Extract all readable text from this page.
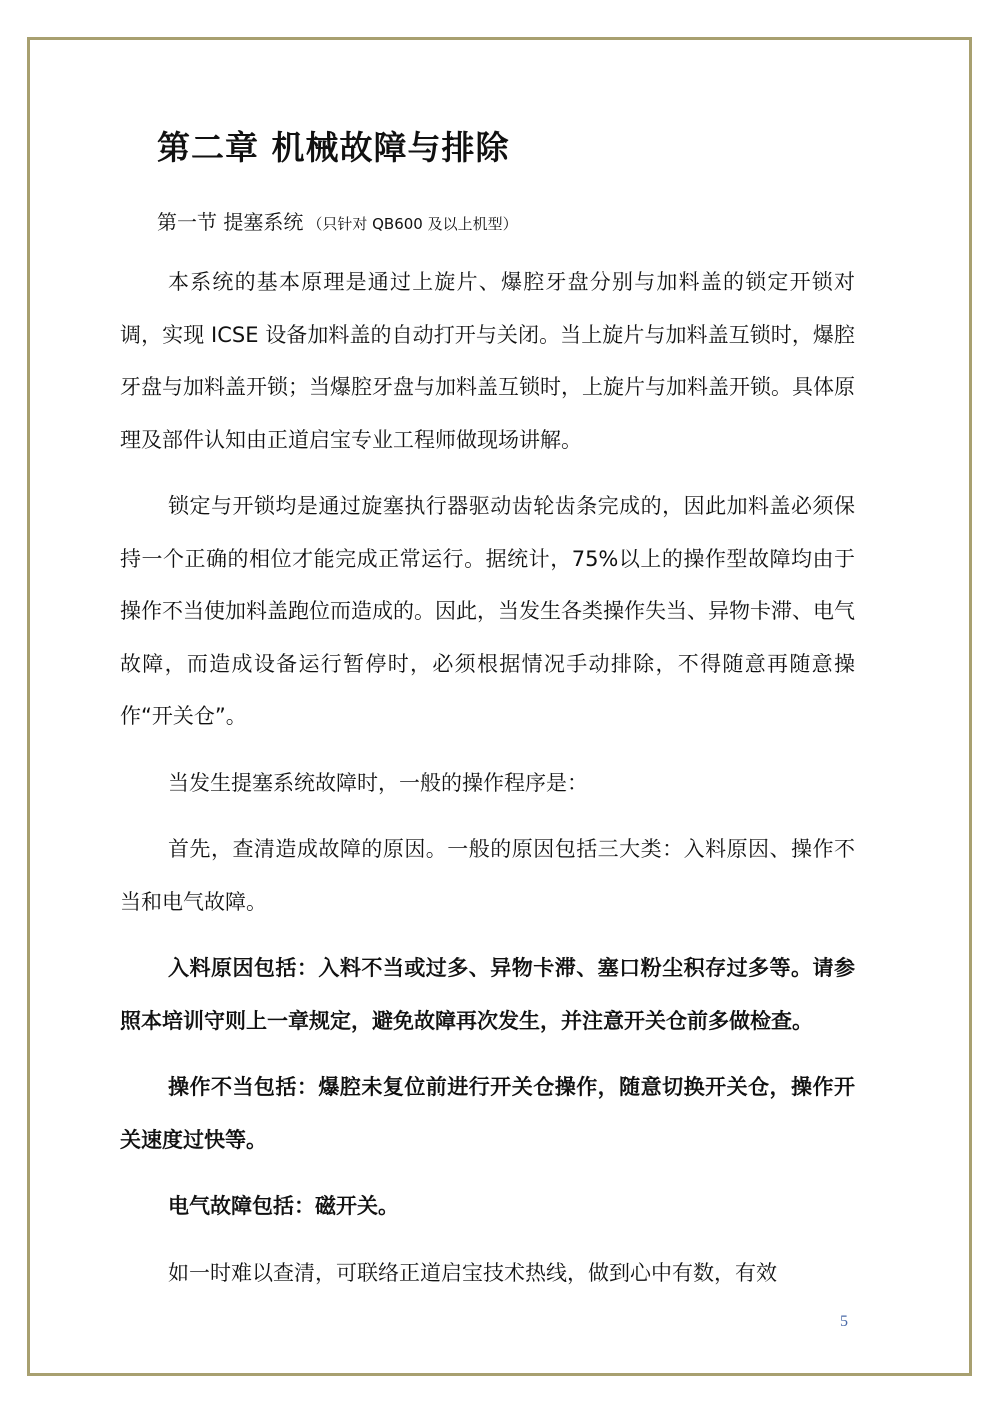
第二章 机械故障与排除
第一节 提塞系统 （只针对 QB600 及以上机型）

本系统的基本原理是通过上旋片、爆腔牙盘分别与加料盖的锁定开锁对调，实现 ICSE 设备加料盖的自动打开与关闭。当上旋片与加料盖互锁时，爆腔牙盘与加料盖开锁；当爆腔牙盘与加料盖互锁时，上旋片与加料盖开锁。具体原理及部件认知由正道启宝专业工程师做现场讲解。

锁定与开锁均是通过旋塞执行器驱动齿轮齿条完成的，因此加料盖必须保持一个正确的相位才能完成正常运行。据统计，75%以上的操作型故障均由于操作不当使加料盖跑位而造成的。因此，当发生各类操作失当、异物卡滞、电气故障，而造成设备运行暂停时，必须根据情况手动排除，不得随意再随意操作“开关仓”。

当发生提塞系统故障时，一般的操作程序是：

首先，查清造成故障的原因。一般的原因包括三大类：入料原因、操作不当和电气故障。

入料原因包括：入料不当或过多、异物卡滞、塞口粉尘积存过多等。请参照本培训守则上一章规定，避免故障再次发生，并注意开关仓前多做检查。

操作不当包括：爆腔未复位前进行开关仓操作，随意切换开关仓，操作开关速度过快等。

电气故障包括：磁开关。

如一时难以查清，可联络正道启宝技术热线，做到心中有数，有效

5
